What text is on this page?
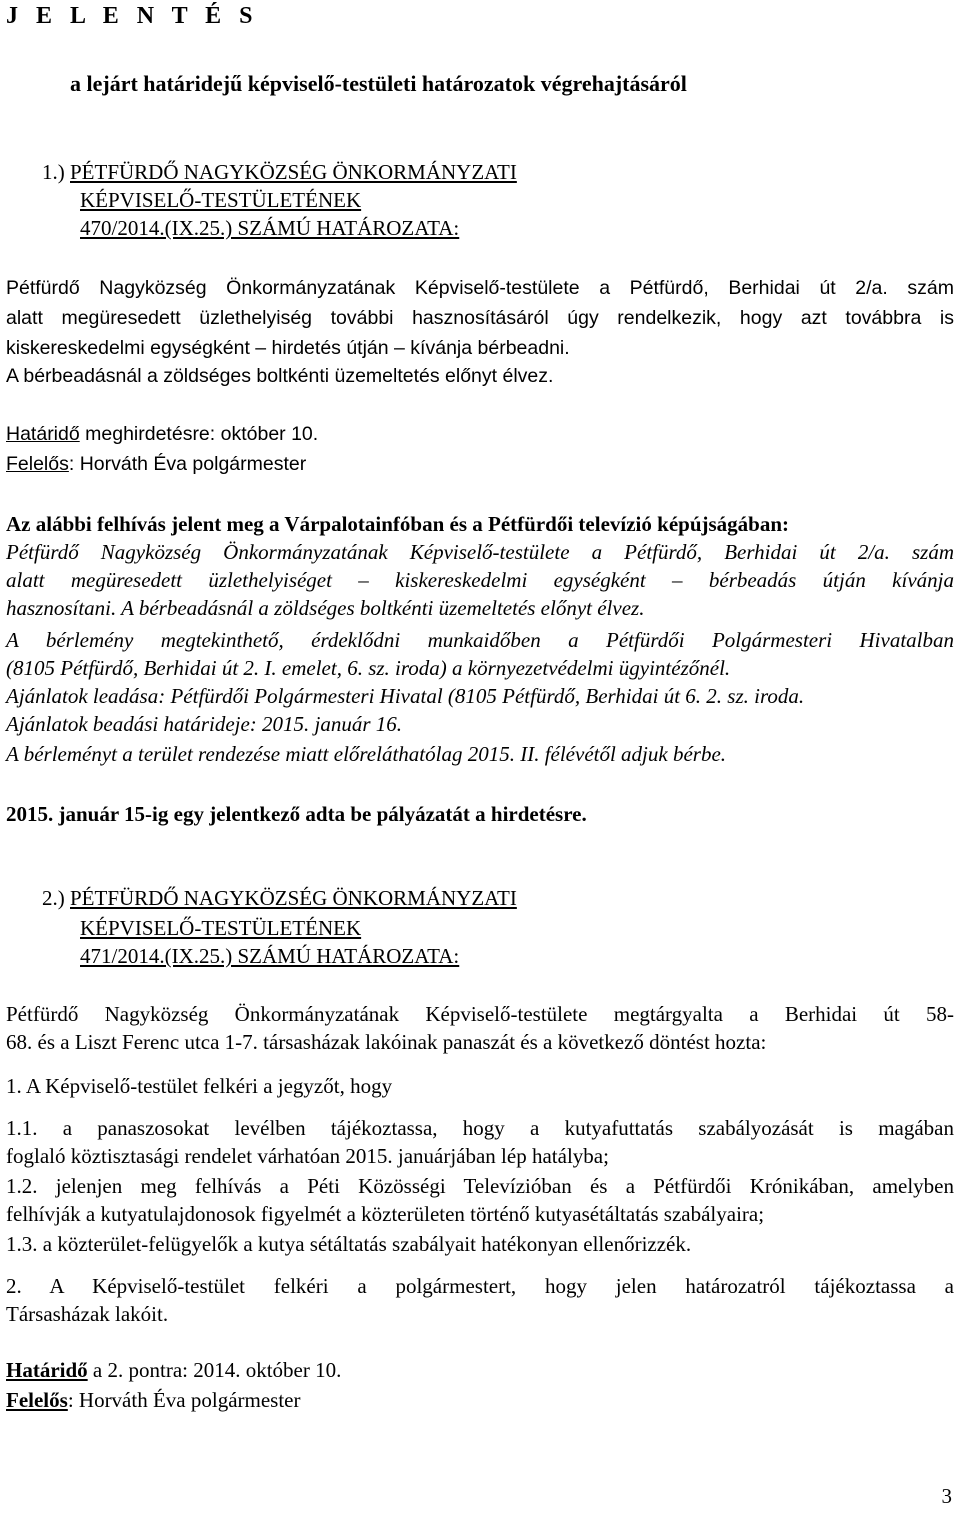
J E L E N T É S
a lejárt határidejű képviselő-testületi határozatok végrehajtásáról
1.) PÉTFÜRDŐ NAGYKÖZSÉG ÖNKORMÁNYZATI
KÉPVISELŐ-TESTÜLETÉNEK
470/2014.(IX.25.) SZÁMÚ HATÁROZATA:
Pétfürdő Nagyközség Önkormányzatának Képviselő-testülete a Pétfürdő, Berhidai út 2/a. szám
alatt megüresedett üzlethelyiség további hasznosításáról úgy rendelkezik, hogy azt továbbra is
kiskereskedelmi egységként – hirdetés útján – kívánja bérbeadni.
A bérbeadásnál a zöldséges boltkénti üzemeltetés előnyt élvez.
Határidő meghirdetésre: október 10.
Felelős: Horváth Éva polgármester
Az alábbi felhívás jelent meg a Várpalotainfóban és a Pétfürdői televízió képújságában:
Pétfürdő Nagyközség Önkormányzatának Képviselő-testülete a Pétfürdő, Berhidai út 2/a. szám
alatt megüresedett üzlethelyiséget – kiskereskedelmi egységként – bérbeadás útján kívánja
hasznosítani. A bérbeadásnál a zöldséges boltkénti üzemeltetés előnyt élvez.
A bérlemény megtekinthető, érdeklődni munkaidőben a Pétfürdői Polgármesteri Hivatalban
(8105 Pétfürdő, Berhidai út 2. I. emelet, 6. sz. iroda) a környezetvédelmi ügyintézőnél.
Ajánlatok leadása: Pétfürdői Polgármesteri Hivatal (8105 Pétfürdő, Berhidai út 6. 2. sz. iroda.
Ajánlatok beadási határideje: 2015. január 16.
A bérleményt a terület rendezése miatt előreláthatólag 2015. II. félévétől adjuk bérbe.
2015. január 15-ig egy jelentkező adta be pályázatát a hirdetésre.
2.) PÉTFÜRDŐ NAGYKÖZSÉG ÖNKORMÁNYZATI
KÉPVISELŐ-TESTÜLETÉNEK
471/2014.(IX.25.) SZÁMÚ HATÁROZATA:
Pétfürdő Nagyközség Önkormányzatának Képviselő-testülete megtárgyalta a Berhidai út 58-
68. és a Liszt Ferenc utca 1-7. társasházak lakóinak panaszát és a következő döntést hozta:
1. A Képviselő-testület felkéri a jegyzőt, hogy
1.1. a panaszosokat levélben tájékoztassa, hogy a kutyafuttatás szabályozását is magában
foglaló köztisztasági rendelet várhatóan 2015. januárjában lép hatályba;
1.2. jelenjen meg felhívás a Péti Közösségi Televízióban és a Pétfürdői Krónikában, amelyben
felhívják a kutyatulajdonosok figyelmét a közterületen történő kutyasétáltatás szabályaira;
1.3. a közterület-felügyelők a kutya sétáltatás szabályait hatékonyan ellenőrizzék.
2. A Képviselő-testület felkéri a polgármestert, hogy jelen határozatról tájékoztassa a
Társasházak lakóit.
Határidő a 2. pontra: 2014. október 10.
Felelős: Horváth Éva polgármester
3
